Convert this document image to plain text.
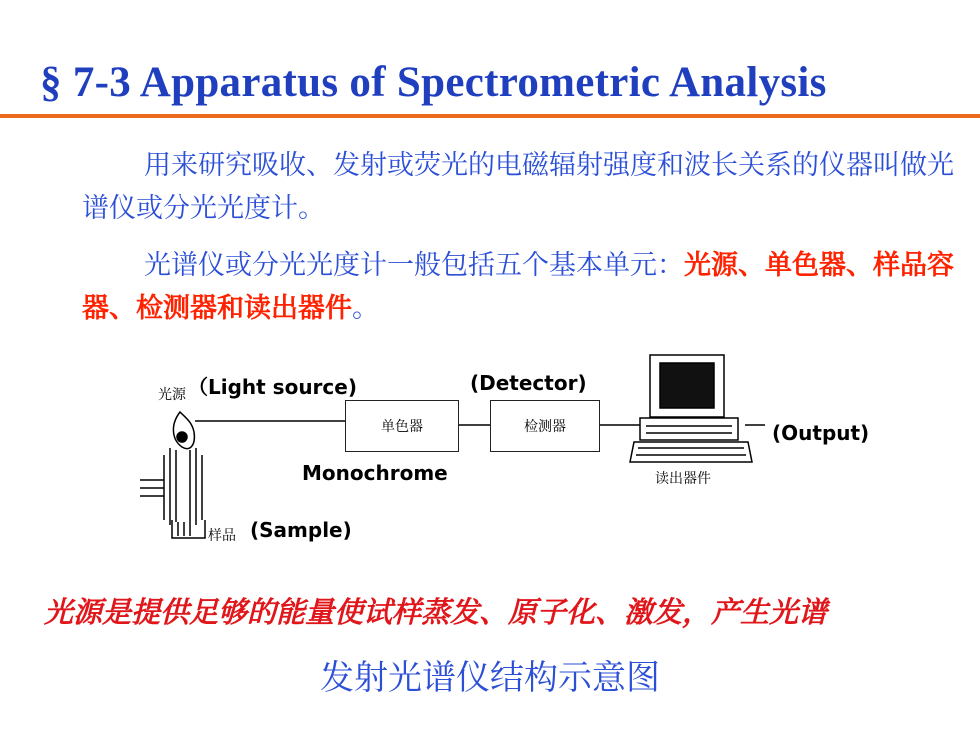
§ 7-3 Apparatus of Spectrometric Analysis
用来研究吸收、发射或荧光的电磁辐射强度和波长关系的仪器叫做光谱仪或分光光度计。
光谱仪或分光光度计一般包括五个基本单元：光源、单色器、样品容器、检测器和读出器件。
光源 （Light source)	(Detector)
单色器	检测器
Monochrome
(Output)
读出器件
样品 (Sample)
光源是提供足够的能量使试样蒸发、原子化、激发，产生光谱
发射光谱仪结构示意图
